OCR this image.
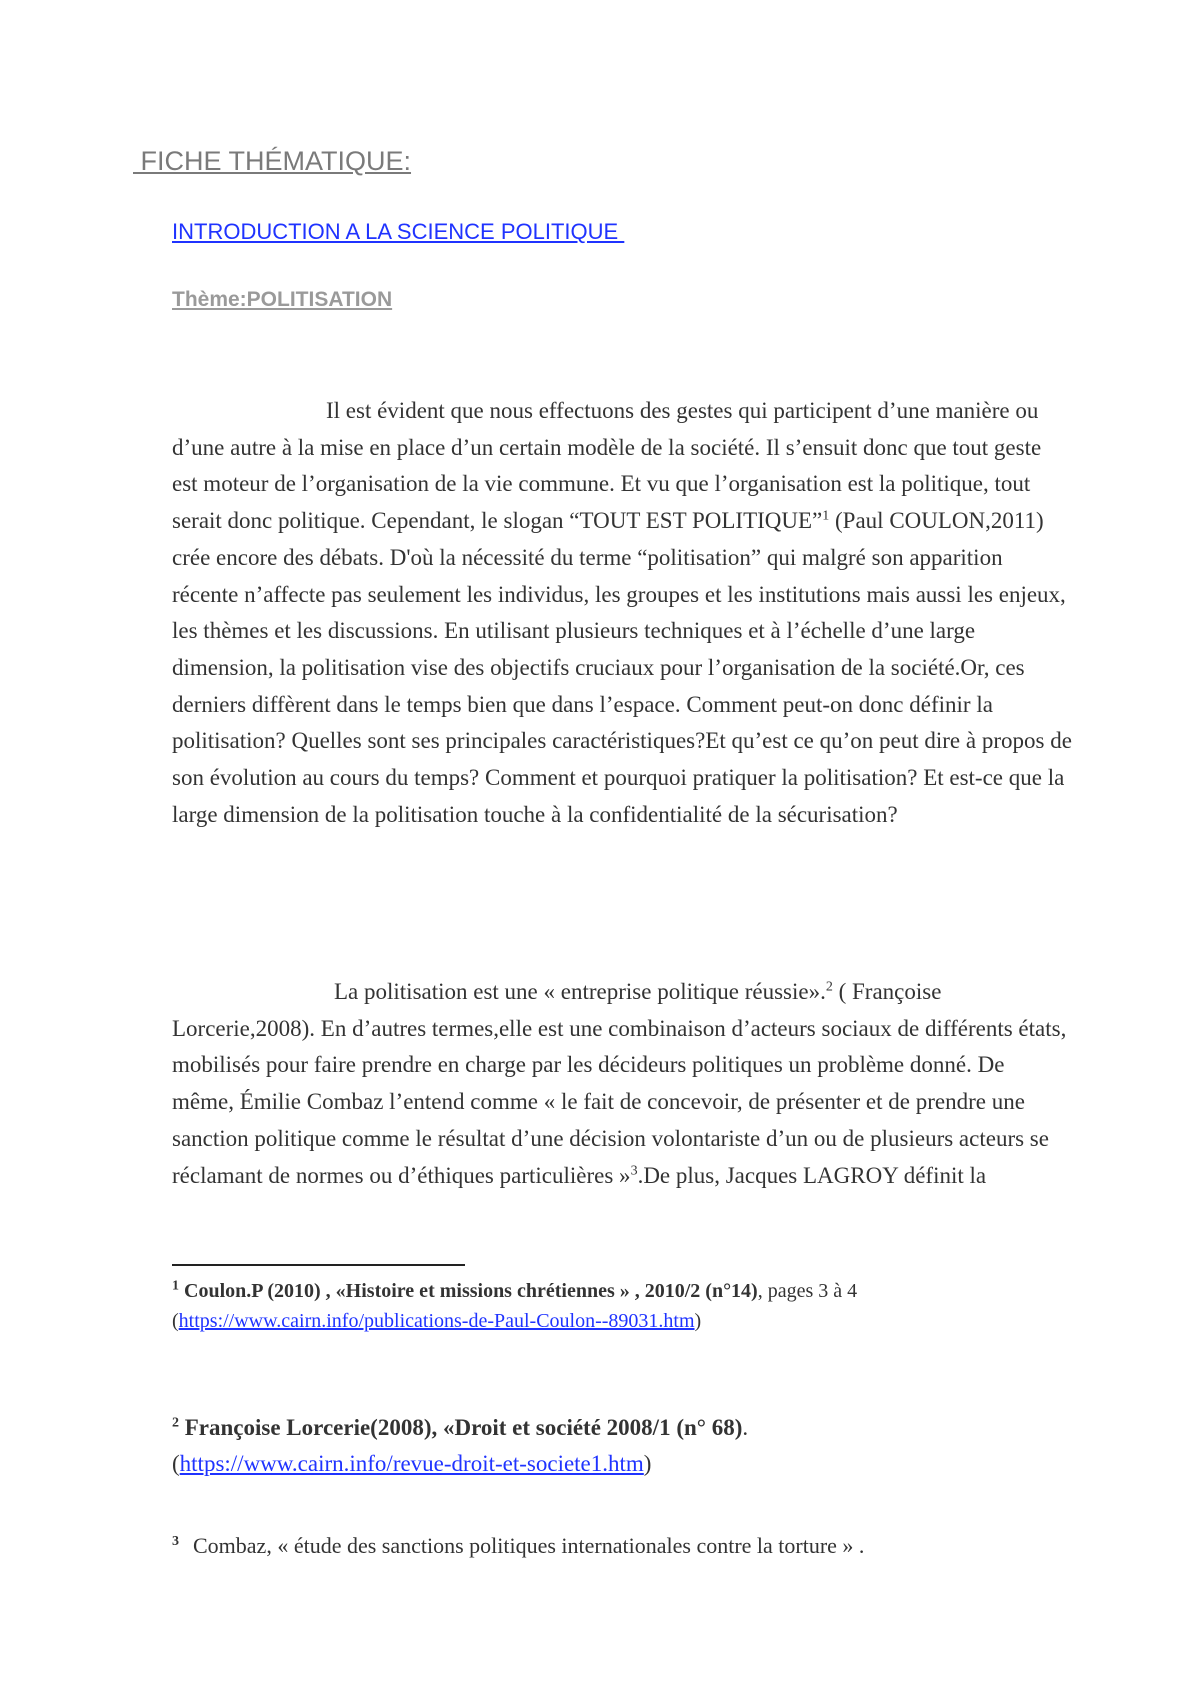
FICHE THÉMATIQUE:
INTRODUCTION A LA SCIENCE POLITIQUE
Thème:POLITISATION

Il est évident que nous effectuons des gestes qui participent d’une manière ou d’une autre à la mise en place d’un certain modèle de la société. Il s’ensuit donc que tout geste est moteur de l’organisation de la vie commune. Et vu que l’organisation est la politique, tout serait donc politique. Cependant, le slogan “TOUT EST POLITIQUE”$^1$ (Paul COULON,2011) crée encore des débats. D'où la nécessité du terme “politisation” qui malgré son apparition récente n’affecte pas seulement les individus, les groupes et les institutions mais aussi les enjeux, les thèmes et les discussions. En utilisant plusieurs techniques et à l’échelle d’une large dimension, la politisation vise des objectifs cruciaux pour l’organisation de la société.Or, ces derniers diffèrent dans le temps bien que dans l’espace. Comment peut-on donc définir la politisation? Quelles sont ses principales caractéristiques?Et qu’est ce qu’on peut dire à propos de son évolution au cours du temps? Comment et pourquoi pratiquer la politisation? Et est-ce que la large dimension de la politisation touche à la confidentialité de la sécurisation?

La politisation est une « entreprise politique réussie».$^2$ ( Françoise Lorcerie,2008). En d’autres termes,elle est une combinaison d’acteurs sociaux de différents états, mobilisés pour faire prendre en charge par les décideurs politiques un problème donné. De même, Émilie Combaz l’entend comme « le fait de concevoir, de présenter et de prendre une sanction politique comme le résultat d’une décision volontariste d’un ou de plusieurs acteurs se réclamant de normes ou d’éthiques particulières »$^3$.De plus, Jacques LAGROY définit la

$^1$ Coulon.P (2010) , «Histoire et missions chrétiennes » , 2010/2 (n°14), pages 3 à 4
(https://www.cairn.info/publications-de-Paul-Coulon--89031.htm)

$^2$ Françoise Lorcerie(2008), «Droit et société 2008/1 (n° 68).
(https://www.cairn.info/revue-droit-et-societe1.htm)

$^3$ Combaz, « étude des sanctions politiques internationales contre la torture » .
